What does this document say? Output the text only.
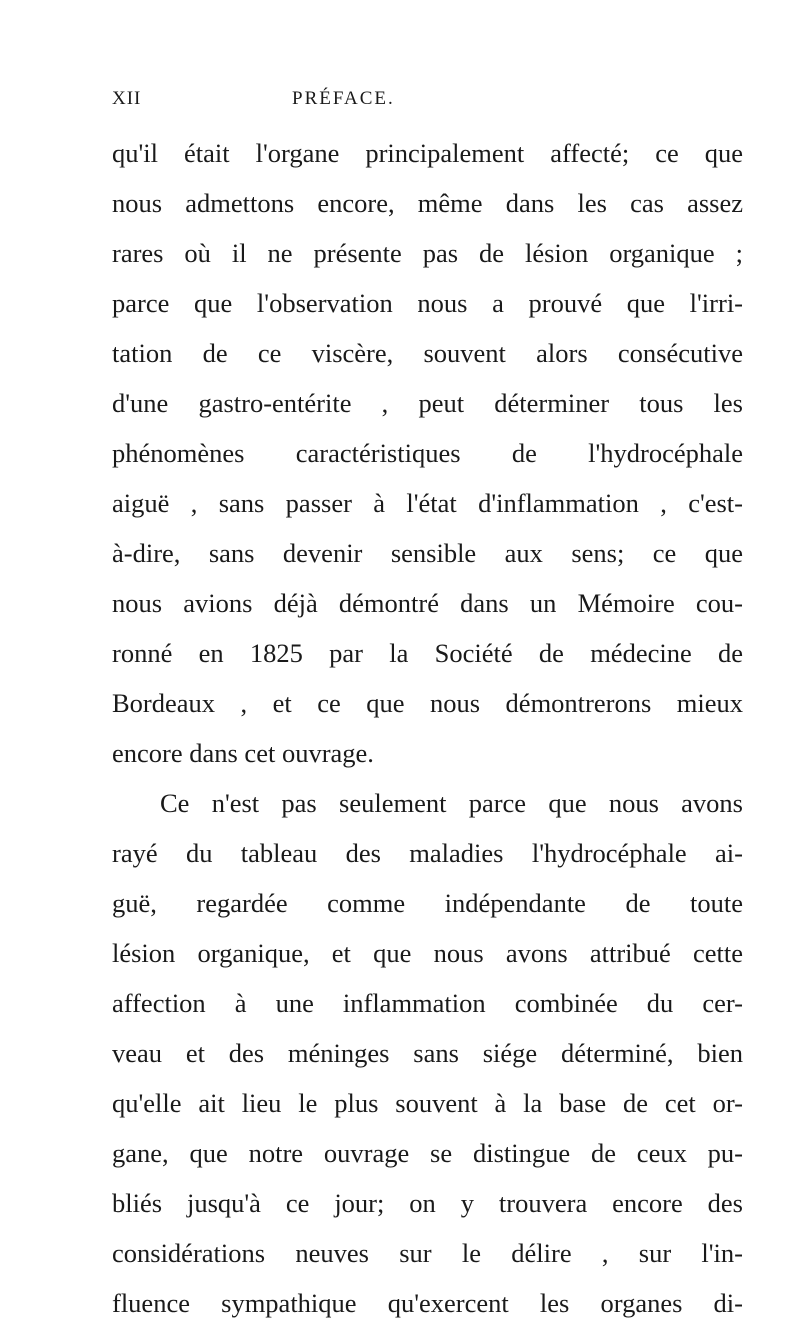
XII	PRÉFACE.
qu'il était l'organe principalement affecté; ce que
nous admettons encore, même dans les cas assez
rares où il ne présente pas de lésion organique ;
parce que l'observation nous a prouvé que l'irri-
tation de ce viscère, souvent alors consécutive
d'une gastro-entérite , peut déterminer tous les
phénomènes caractéristiques de l'hydrocéphale
aiguë , sans passer à l'état d'inflammation , c'est-
à-dire, sans devenir sensible aux sens; ce que
nous avions déjà démontré dans un Mémoire cou-
ronné en 1825 par la Société de médecine de
Bordeaux , et ce que nous démontrerons mieux
encore dans cet ouvrage.
Ce n'est pas seulement parce que nous avons
rayé du tableau des maladies l'hydrocéphale ai-
guë, regardée comme indépendante de toute
lésion organique, et que nous avons attribué cette
affection à une inflammation combinée du cer-
veau et des méninges sans siége déterminé, bien
qu'elle ait lieu le plus souvent à la base de cet or-
gane, que notre ouvrage se distingue de ceux pu-
bliés jusqu'à ce jour; on y trouvera encore des
considérations neuves sur le délire , sur l'in-
fluence sympathique qu'exercent les organes di-
